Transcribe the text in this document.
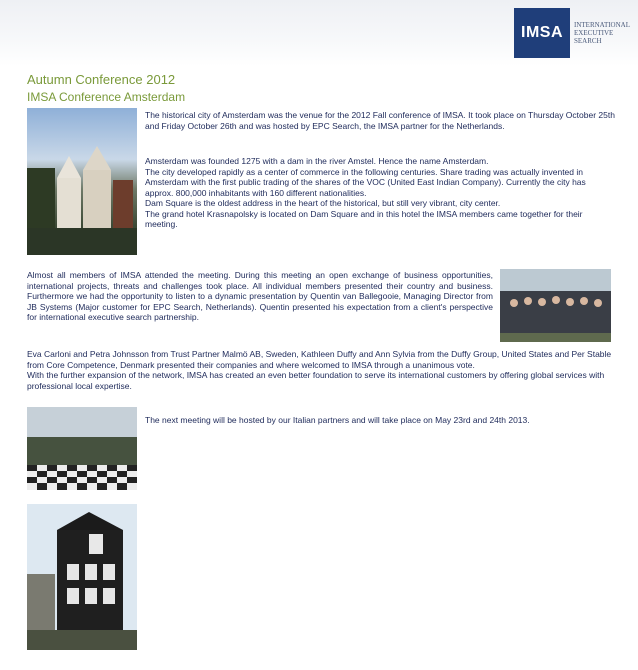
IMSA	INTERNATIONAL
EXECUTIVE
SEARCH
Autumn Conference 2012
IMSA Conference Amsterdam

The historical city of Amsterdam was the venue for the 2012 Fall conference of IMSA. It took place on Thursday October 25th and Friday October 26th and was hosted by EPC Search, the IMSA partner for the Netherlands.

Amsterdam was founded 1275 with a dam in the river Amstel. Hence the name Amsterdam.
The city developed rapidly as a center of commerce in the following centuries. Share trading was actually invented in Amsterdam with the first public trading of the shares of the VOC (United East Indian Company). Currently the city has approx. 800,000 inhabitants with 160 different nationalities.
Dam Square is the oldest address in the heart of the historical, but still very vibrant, city center.
The grand hotel Krasnapolsky is located on Dam Square and in this hotel the IMSA members came together for their meeting.

Almost all members of IMSA attended the meeting. During this meeting an open exchange of business opportunities, international projects, threats and challenges took place. All individual members presented their country and business. Furthermore we had the opportunity to listen to a dynamic presentation by Quentin van Ballegooie, Managing Director from JB Systems (Major customer for EPC Search, Netherlands). Quentin presented his expectation from a client's perspective for international executive search partnership.

Eva Carloni and Petra Johnsson from Trust Partner Malmö AB, Sweden, Kathleen Duffy and Ann Sylvia from the Duffy Group, United States and Per Stable from Core Competence, Denmark presented their companies and where welcomed to IMSA through a unanimous vote.
With the further expansion of the network, IMSA has created an even better foundation to serve its international customers by offering global services with professional local expertise.

The next meeting will be hosted by our Italian partners and will take place on May 23rd and 24th 2013.
